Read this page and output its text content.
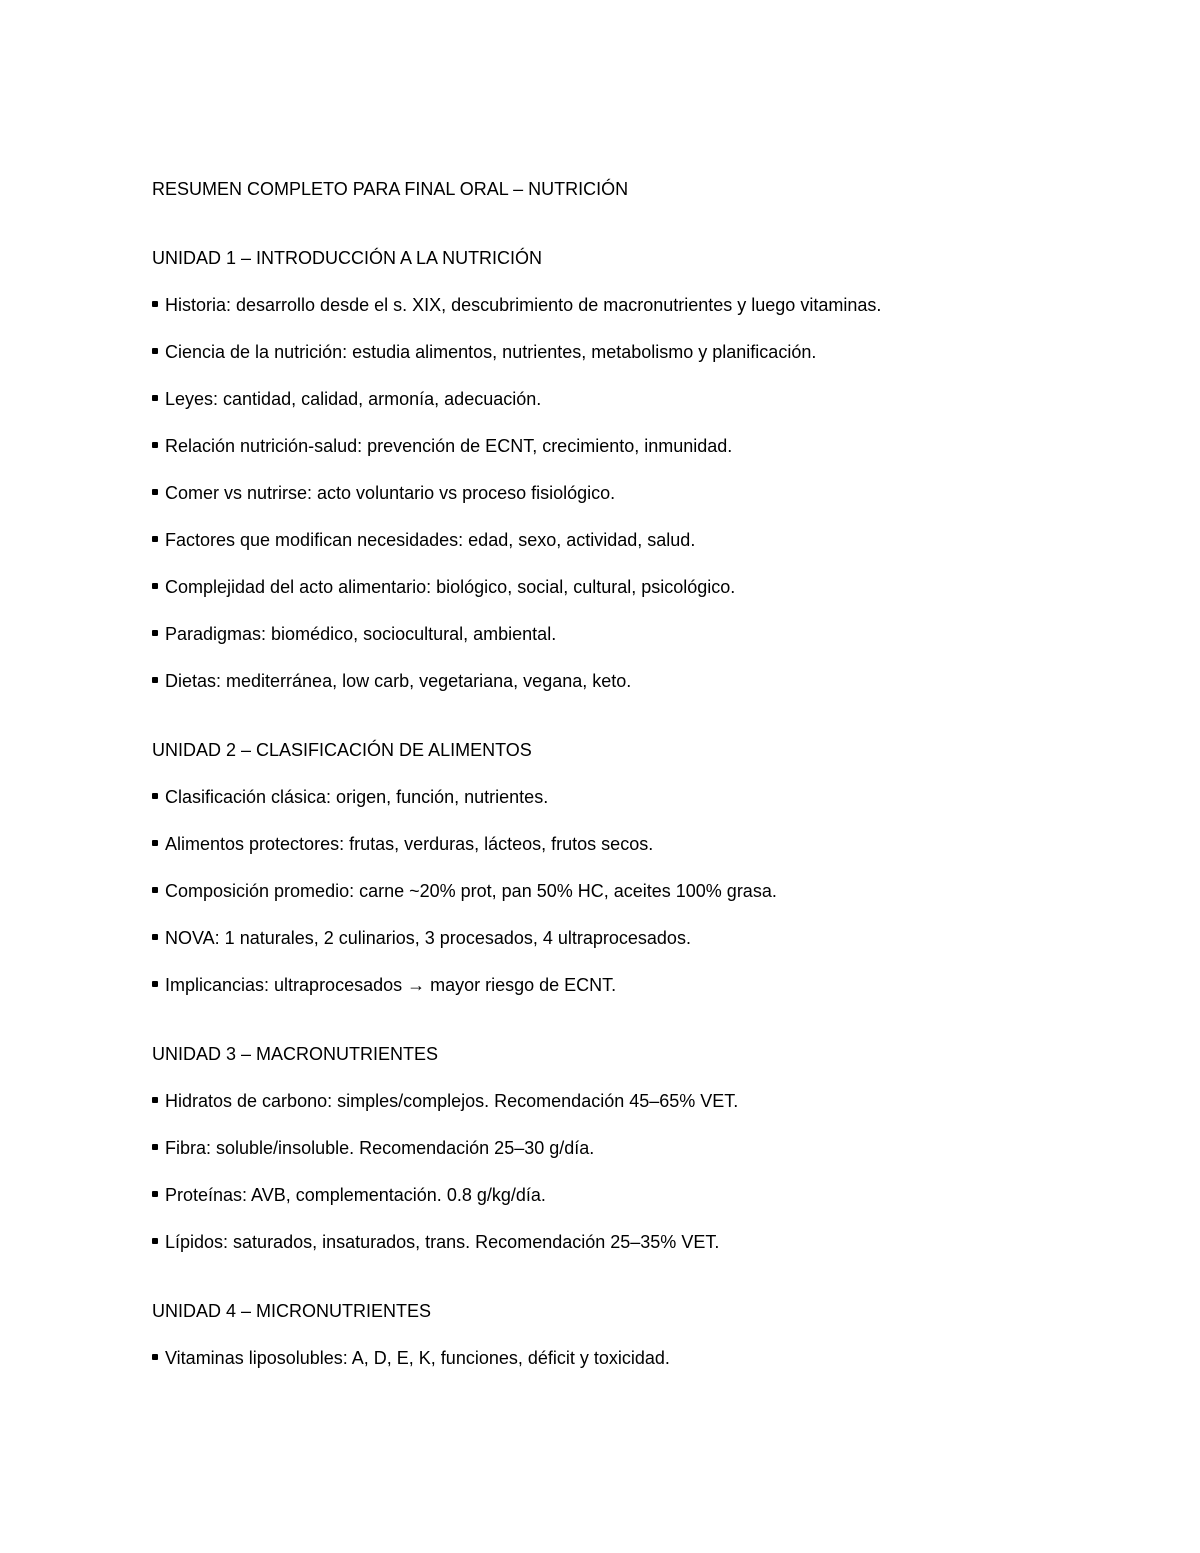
RESUMEN COMPLETO PARA FINAL ORAL – NUTRICIÓN
UNIDAD 1 – INTRODUCCIÓN A LA NUTRICIÓN
Historia: desarrollo desde el s. XIX, descubrimiento de macronutrientes y luego vitaminas.
Ciencia de la nutrición: estudia alimentos, nutrientes, metabolismo y planificación.
Leyes: cantidad, calidad, armonía, adecuación.
Relación nutrición-salud: prevención de ECNT, crecimiento, inmunidad.
Comer vs nutrirse: acto voluntario vs proceso fisiológico.
Factores que modifican necesidades: edad, sexo, actividad, salud.
Complejidad del acto alimentario: biológico, social, cultural, psicológico.
Paradigmas: biomédico, sociocultural, ambiental.
Dietas: mediterránea, low carb, vegetariana, vegana, keto.
UNIDAD 2 – CLASIFICACIÓN DE ALIMENTOS
Clasificación clásica: origen, función, nutrientes.
Alimentos protectores: frutas, verduras, lácteos, frutos secos.
Composición promedio: carne ~20% prot, pan 50% HC, aceites 100% grasa.
NOVA: 1 naturales, 2 culinarios, 3 procesados, 4 ultraprocesados.
Implicancias: ultraprocesados → mayor riesgo de ECNT.
UNIDAD 3 – MACRONUTRIENTES
Hidratos de carbono: simples/complejos. Recomendación 45–65% VET.
Fibra: soluble/insoluble. Recomendación 25–30 g/día.
Proteínas: AVB, complementación. 0.8 g/kg/día.
Lípidos: saturados, insaturados, trans. Recomendación 25–35% VET.
UNIDAD 4 – MICRONUTRIENTES
Vitaminas liposolubles: A, D, E, K, funciones, déficit y toxicidad.
